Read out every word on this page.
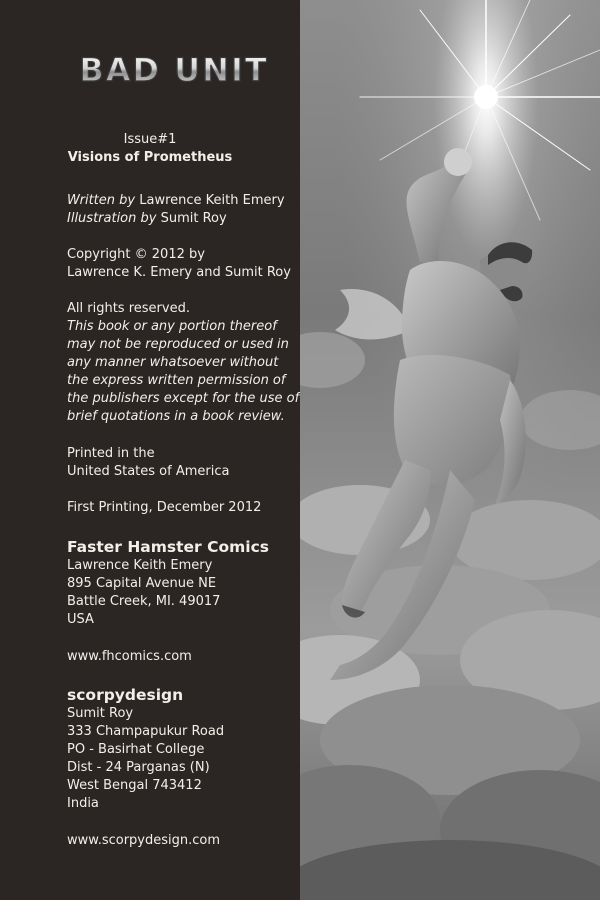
BAD UNIT
Issue#1
Visions of Prometheus
Written by Lawrence Keith Emery
Illustration by Sumit Roy
Copyright © 2012 by
Lawrence K. Emery and Sumit Roy
All rights reserved.
This book or any portion thereof
may not be reproduced or used in
any manner whatsoever without
the express written permission of
the publishers except for the use of
brief quotations in a book review.
Printed in the
United States of America
First Printing, December 2012
Faster Hamster Comics
Lawrence Keith Emery
895 Capital Avenue NE
Battle Creek, MI. 49017
USA
www.fhcomics.com
scorpydesign
Sumit Roy
333 Champapukur Road
PO - Basirhat College
Dist - 24 Parganas (N)
West Bengal 743412
India
www.scorpydesign.com
